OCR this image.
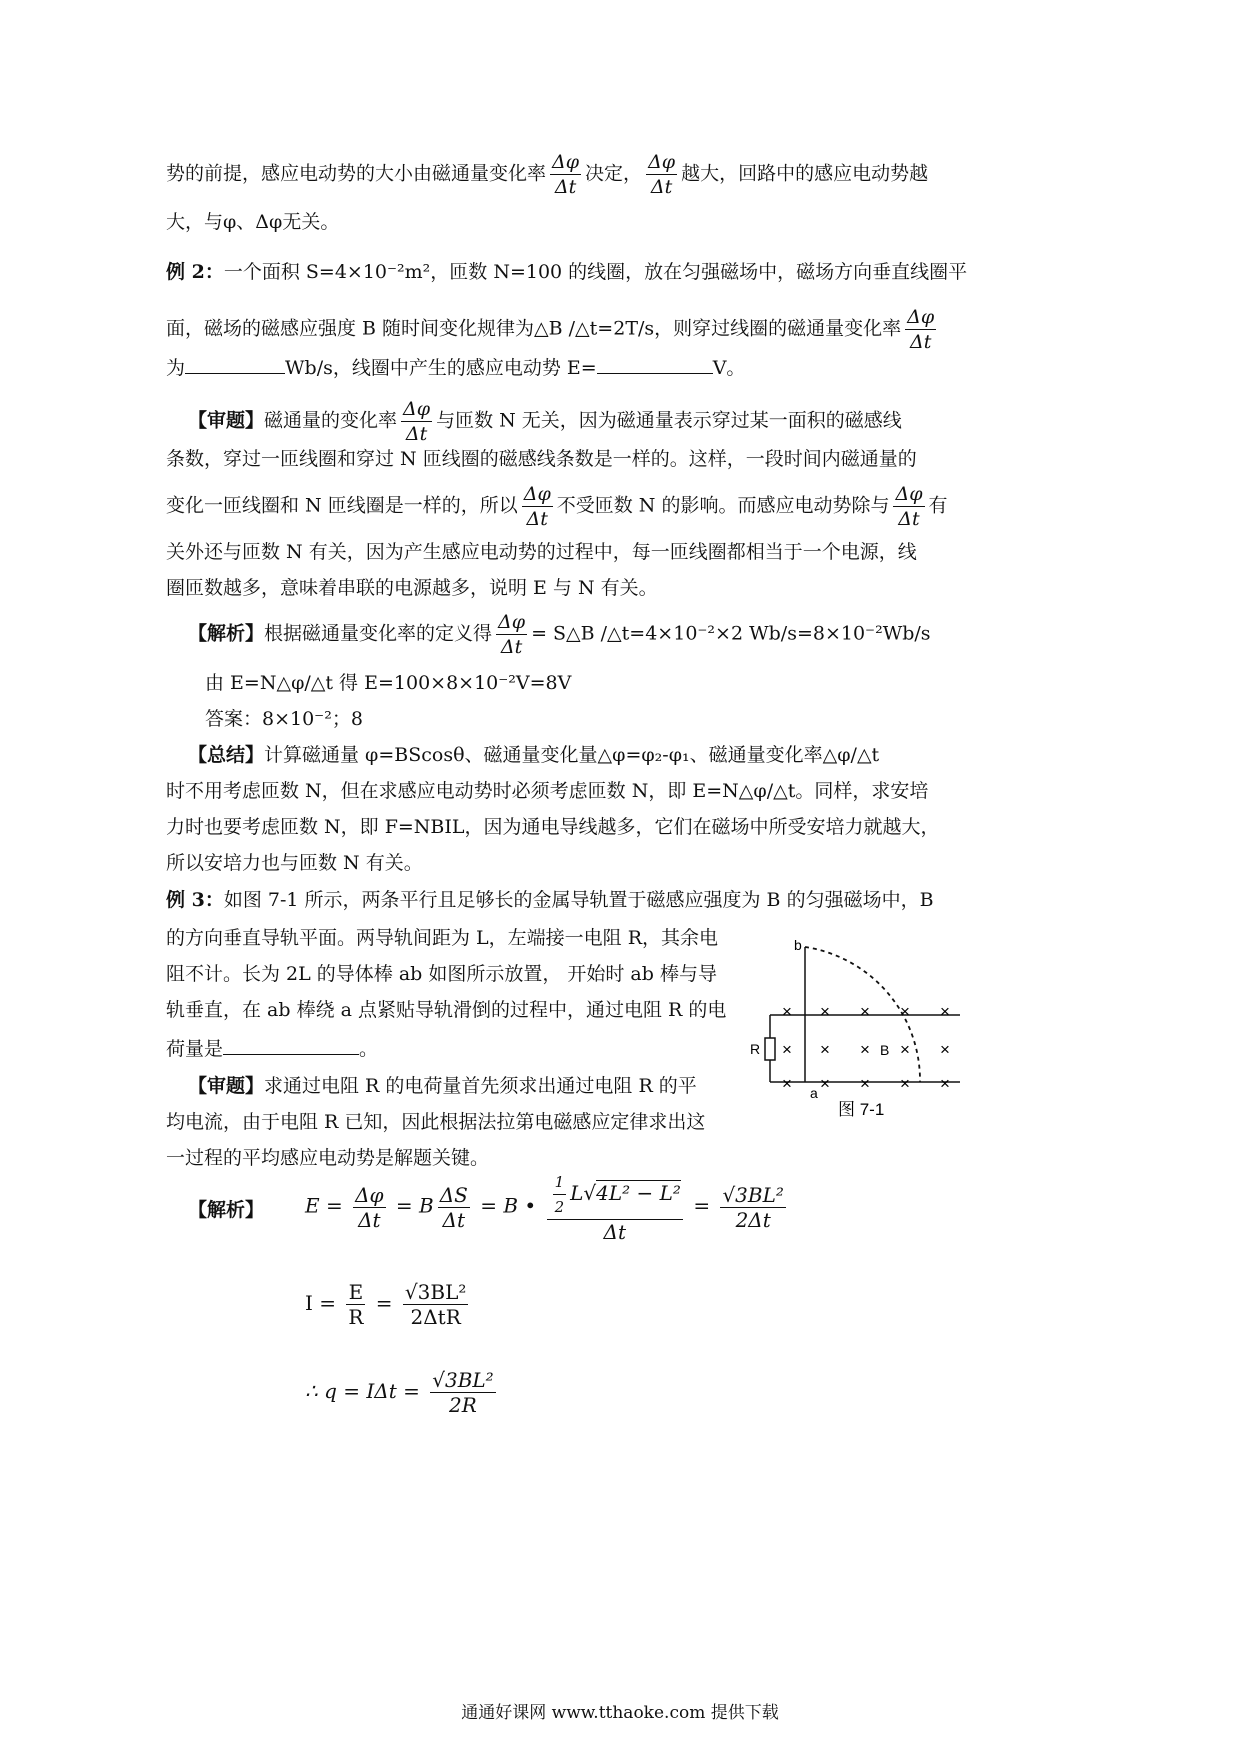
势的前提，感应电动势的大小由磁通量变化率 $\frac{\Delta\varphi}{\Delta t}$ 决定， $\frac{\Delta\varphi}{\Delta t}$ 越大，回路中的感应电动势越
大，与φ、Δφ无关。
例 2：一个面积 S=4×10⁻²m²，匝数 N=100 的线圈，放在匀强磁场中，磁场方向垂直线圈平
面，磁场的磁感应强度 B 随时间变化规律为△B /△t=2T/s，则穿过线圈的磁通量变化率 $\frac{\Delta\varphi}{\Delta t}$
为	Wb/s，线圈中产生的感应电动势 E=	V。
【审题】磁通量的变化率 $\frac{\Delta\varphi}{\Delta t}$ 与匝数 N 无关，因为磁通量表示穿过某一面积的磁感线
条数，穿过一匝线圈和穿过 N 匝线圈的磁感线条数是一样的。这样，一段时间内磁通量的
变化一匝线圈和 N 匝线圈是一样的，所以 $\frac{\Delta\varphi}{\Delta t}$ 不受匝数 N 的影响。而感应电动势除与 $\frac{\Delta\varphi}{\Delta t}$ 有
关外还与匝数 N 有关，因为产生感应电动势的过程中，每一匝线圈都相当于一个电源，线
圈匝数越多，意味着串联的电源越多，说明 E 与 N 有关。
【解析】根据磁通量变化率的定义得 $\frac{\Delta\varphi}{\Delta t}$ = S△B /△t=4×10⁻²×2 Wb/s=8×10⁻²Wb/s
由 E=N△φ/△t 得 E=100×8×10⁻²V=8V
答案：8×10⁻²；8
【总结】计算磁通量 φ=BScosθ、磁通量变化量△φ=φ₂-φ₁、磁通量变化率△φ/△t
时不用考虑匝数 N，但在求感应电动势时必须考虑匝数 N，即 E=N△φ/△t。同样，求安培
力时也要考虑匝数 N，即 F=NBIL，因为通电导线越多，它们在磁场中所受安培力就越大，
所以安培力也与匝数 N 有关。
例 3：如图 7-1 所示，两条平行且足够长的金属导轨置于磁感应强度为 B 的匀强磁场中，B
的方向垂直导轨平面。两导轨间距为 L，左端接一电阻 R，其余电
阻不计。长为 2L 的导体棒 ab 如图所示放置， 开始时 ab 棒与导
轨垂直，在 ab 棒绕 a 点紧贴导轨滑倒的过程中，通过电阻 R 的电
荷量是	。
【审题】求通过电阻 R 的电荷量首先须求出通过电阻 R 的平
均电流，由于电阻 R 已知，因此根据法拉第电磁感应定律求出这
一过程的平均感应电动势是解题关键。
R
b
a
B
× × × × ×
× × × × ×
× × × × ×
图 7-1
【解析】 $E = \frac{\Delta\varphi}{\Delta t} = B \frac{\Delta S}{\Delta t} = B$ • $\frac{\frac{1}{2} L√4L^2 - L^2}{\Delta t} = \frac{\text{√3BL²}}{2\Delta t}$
$I = \frac{E}{R} = \frac{\text{√3BL²}}{\text{2ΔtR}}$
∴ $q = I\Delta t = \frac{\text{√3BL²}}{2R}$
通通好课网 www.tthaoke.com 提供下载
